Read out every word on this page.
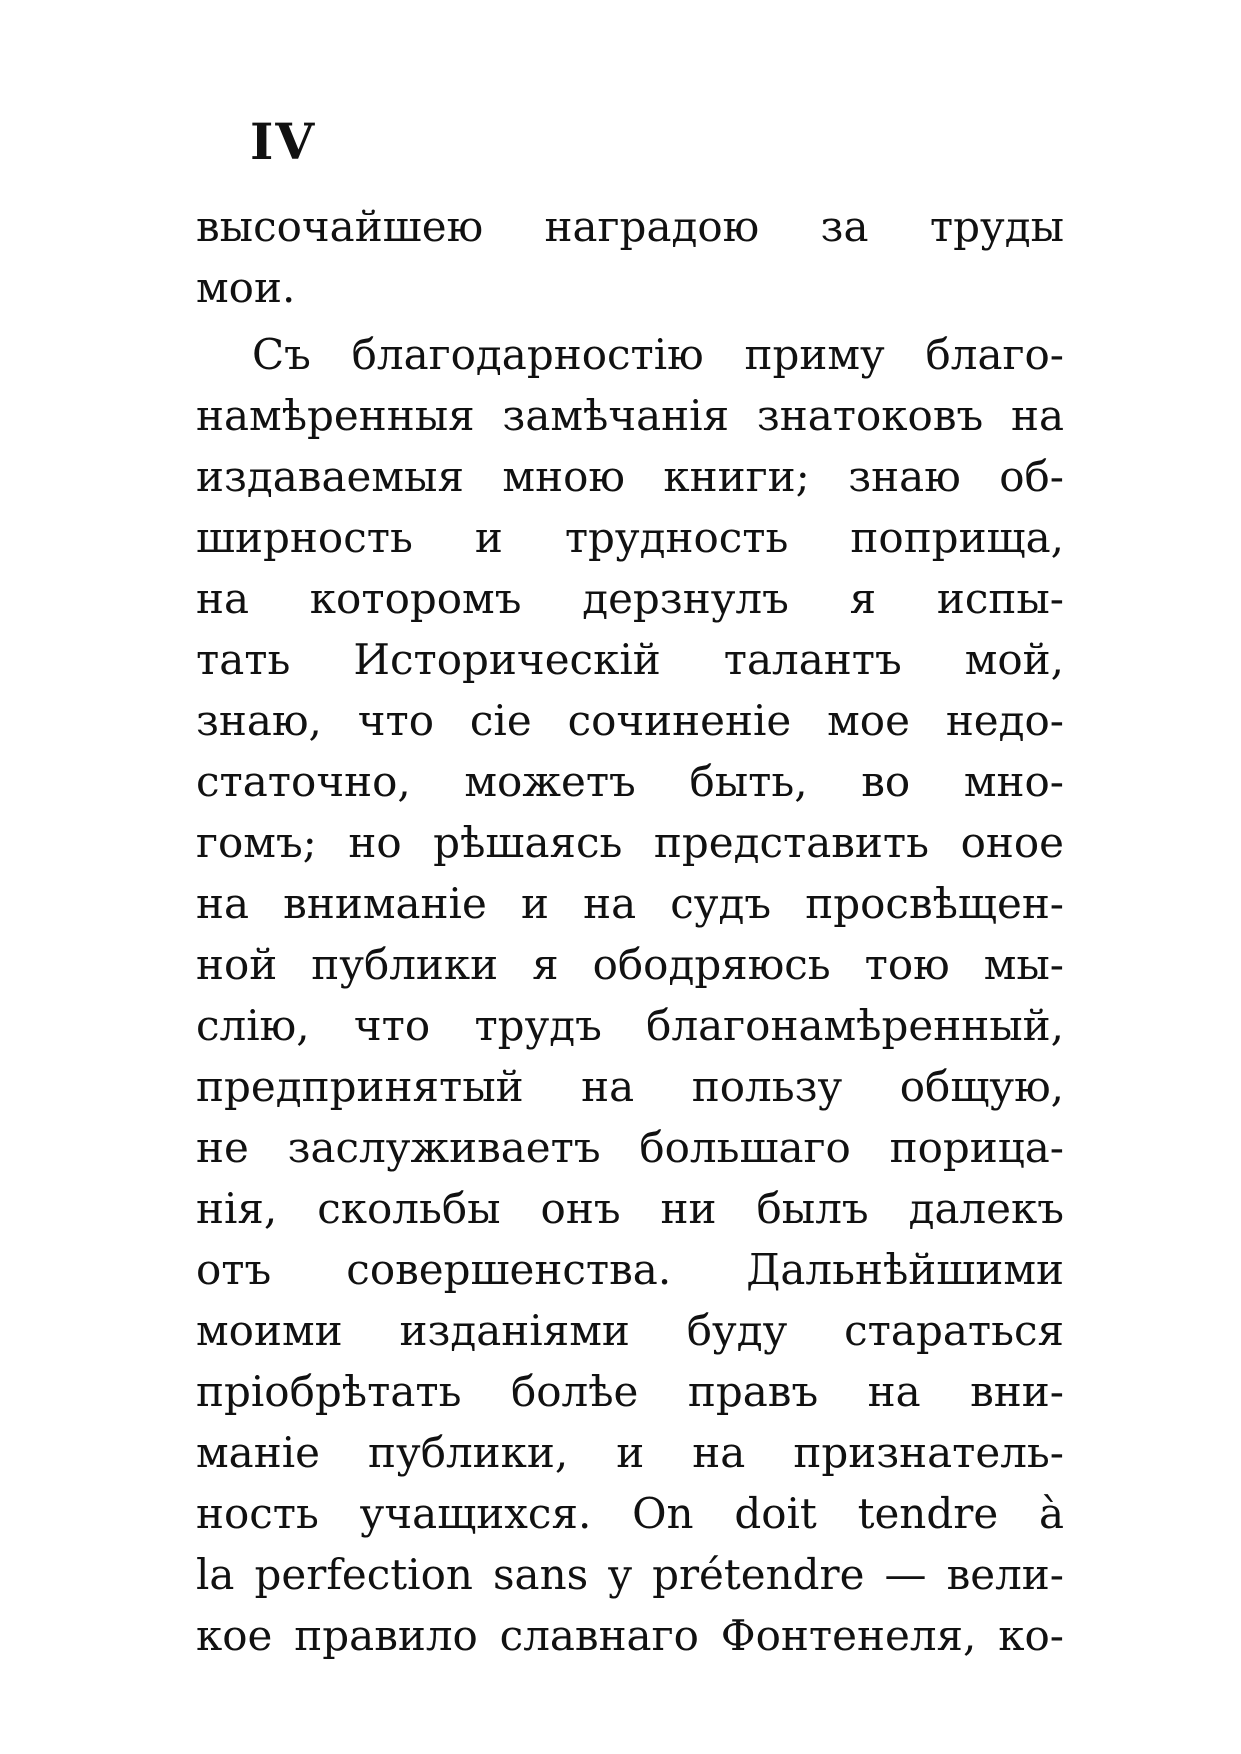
IV
высочайшею наградою за труды
мои.
Съ благодарностію приму благо-
намѣренныя замѣчанія знатоковъ на
издаваемыя мною книги; знаю об-
ширность и трудность поприща,
на которомъ дерзнулъ я испы-
тать Историческій талантъ мой,
знаю, что сіе сочиненіе мое недо-
статочно, можетъ быть, во мно-
гомъ; но рѣшаясь представить оное
на вниманіе и на судъ просвѣщен-
ной публики я ободряюсь тою мы-
слію, что трудъ благонамѣренный,
предпринятый на пользу общую,
не заслуживаетъ большаго порица-
нія, скольбы онъ ни былъ далекъ
отъ совершенства. Дальнѣйшими
моими изданіями буду стараться
пріобрѣтать болѣе правъ на вни-
маніе публики, и на признатель-
ность учащихся. On doit tendre à
la perfection sans y prétendre — вели-
кое правило славнаго Фонтенеля, ко-
